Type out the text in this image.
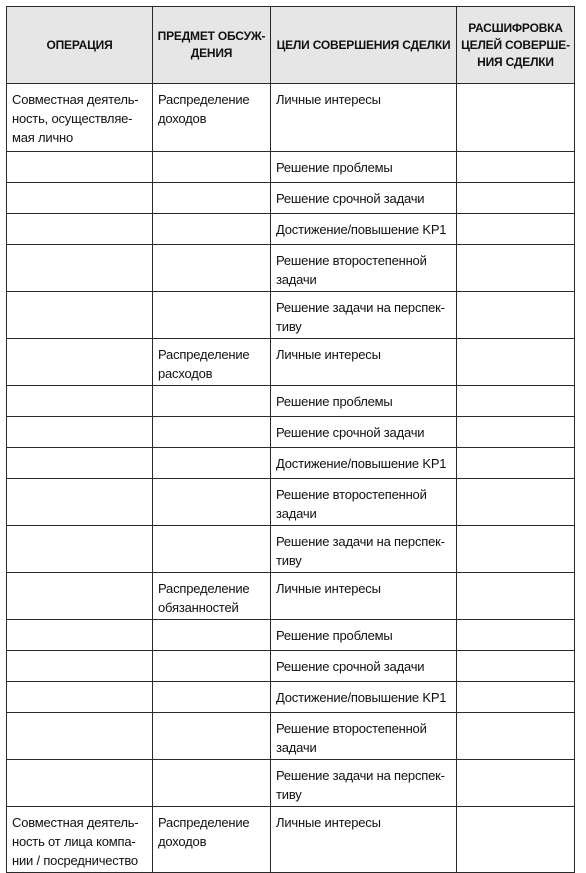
ОПЕРАЦИЯ	ПРЕДМЕТ ОБСУЖ-
ДЕНИЯ	ЦЕЛИ СОВЕРШЕНИЯ СДЕЛКИ	РАСШИФРОВКА
ЦЕЛЕЙ СОВЕРШЕ-
НИЯ СДЕЛКИ

Совместная деятель-
ность, осуществляе-
мая лично	Распределение
доходов	Личные интересы	

		Решение проблемы	

		Решение срочной задачи	

		Достижение/повышение KP1	

		Решение второстепенной задачи	

		Решение задачи на перспек-тиву	

	Распределение
расходов	Личные интересы	

		Решение проблемы	

		Решение срочной задачи	

		Достижение/повышение KP1	

		Решение второстепенной задачи	

		Решение задачи на перспек-тиву	

	Распределение
обязанностей	Личные интересы	

		Решение проблемы	

		Решение срочной задачи	

		Достижение/повышение KP1	

		Решение второстепенной задачи	

		Решение задачи на перспек-тиву	

Совместная деятель-
ность от лица компа-
нии / посредничество	Распределение
доходов	Личные интересы	
